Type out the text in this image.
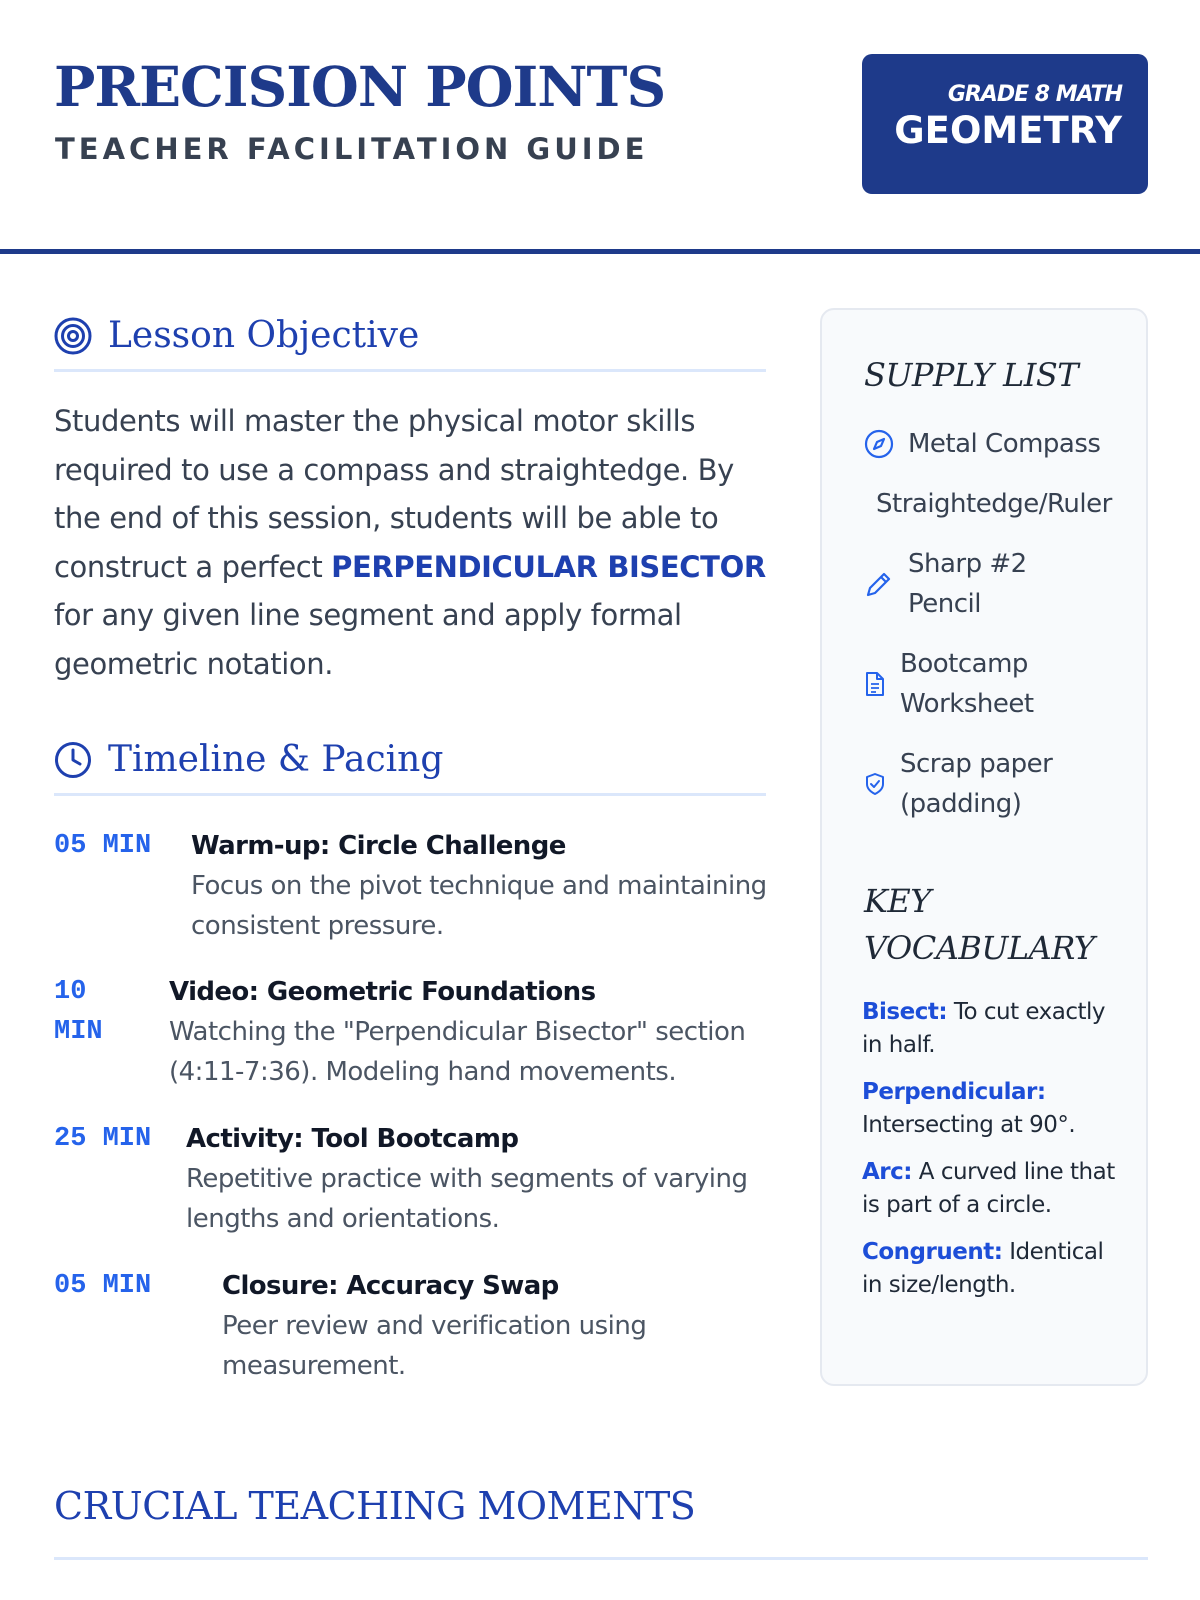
PRECISION POINTS
TEACHER FACILITATION GUIDE
GRADE 8 MATH
GEOMETRY
Lesson Objective
Students will master the physical motor skills required to use a compass and straightedge. By the end of this session, students will be able to construct a perfect PERPENDICULAR BISECTOR for any given line segment and apply formal geometric notation.
Timeline & Pacing
05 MIN Warm-up: Circle Challenge
Focus on the pivot technique and maintaining consistent pressure.
10 MIN
Video: Geometric Foundations
Watching the "Perpendicular Bisector" section (4:11-7:36). Modeling hand movements.
25 MIN Activity: Tool Bootcamp
Repetitive practice with segments of varying lengths and orientations.
05 MIN	Closure: Accuracy Swap
Peer review and verification using measurement.
SUPPLY LIST
Metal Compass
Straightedge/Ruler
Sharp #2 Pencil
Bootcamp Worksheet
Scrap paper (padding)
KEY VOCABULARY
Bisect: To cut exactly in half.
Perpendicular: Intersecting at 90°.
Arc: A curved line that is part of a circle.
Congruent: Identical in size/length.
CRUCIAL TEACHING MOMENTS
